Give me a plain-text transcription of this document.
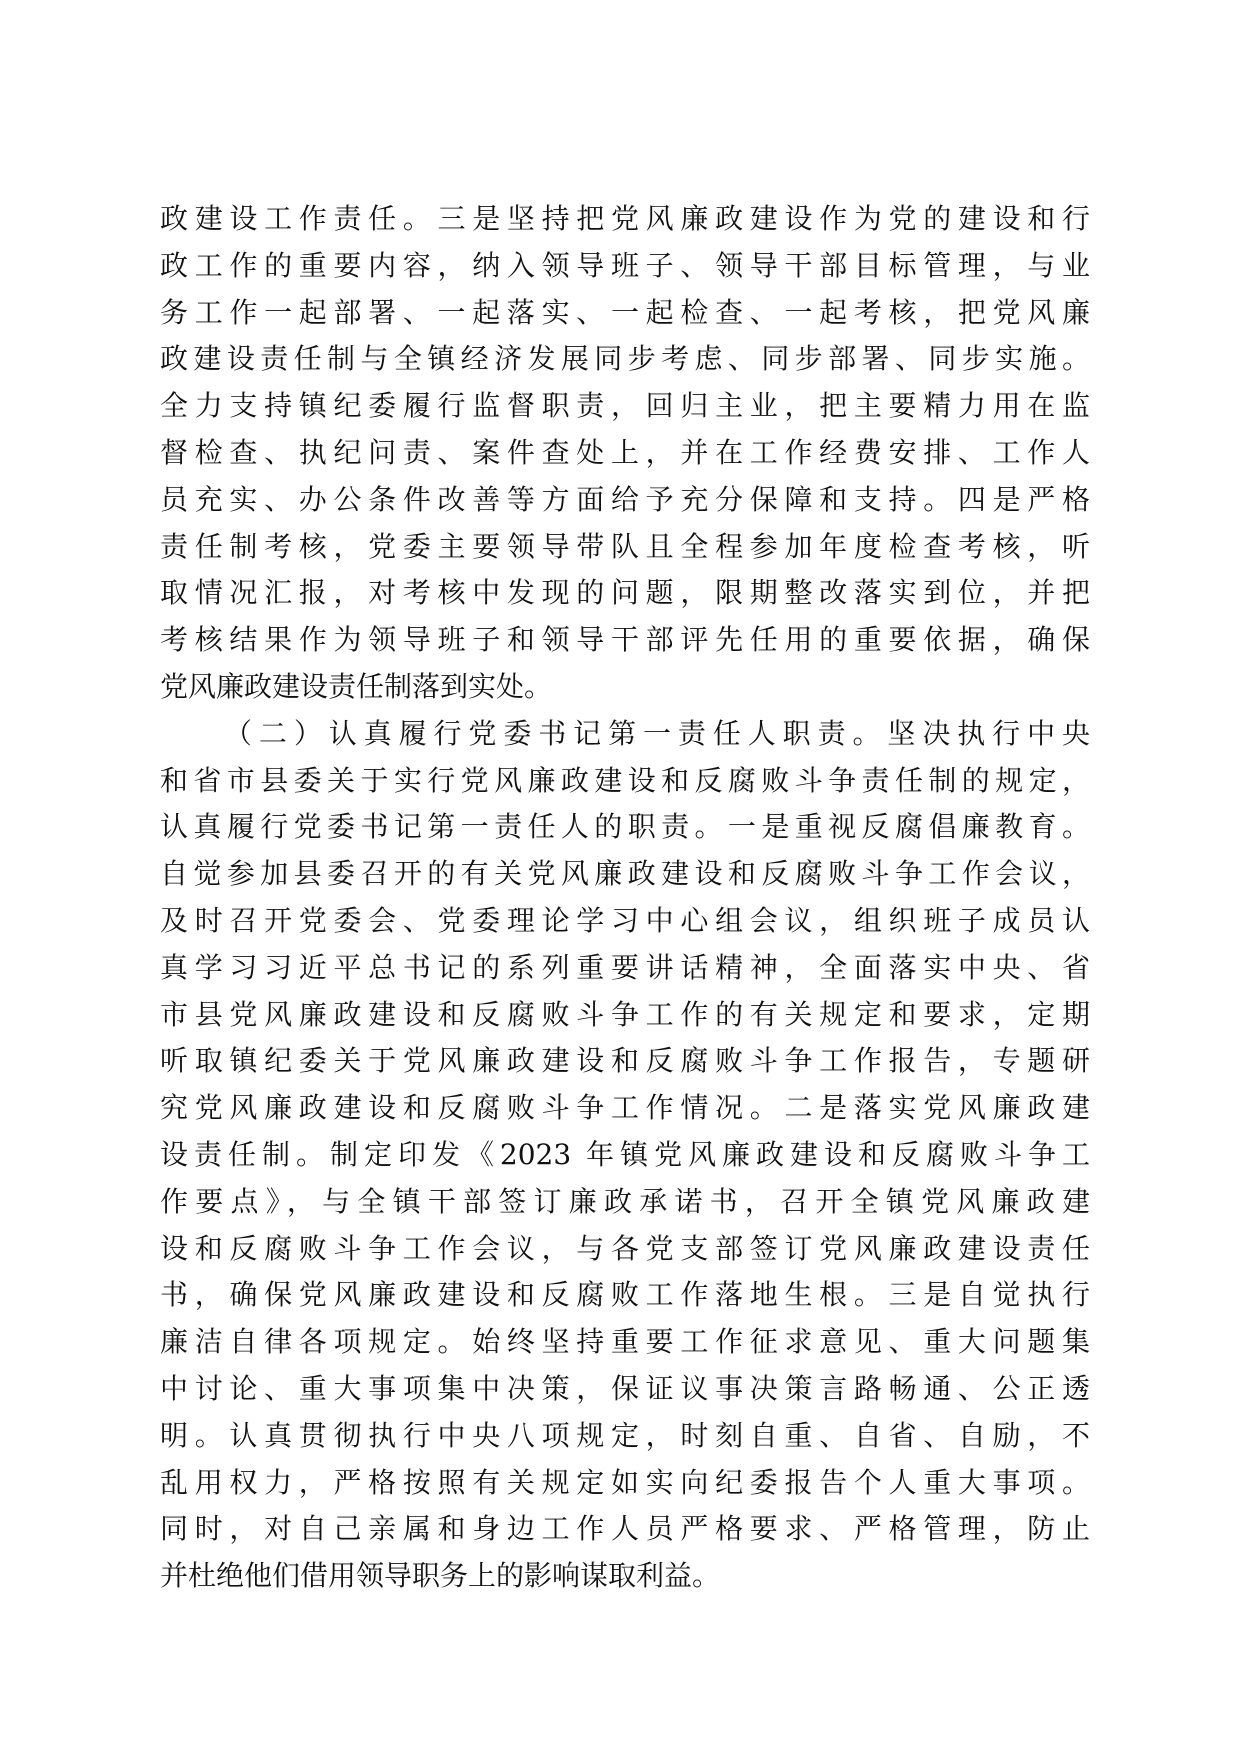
政建设工作责任。三是坚持把党风廉政建设作为党的建设和行
政工作的重要内容，纳入领导班子、领导干部目标管理，与业
务工作一起部署、一起落实、一起检查、一起考核，把党风廉
政建设责任制与全镇经济发展同步考虑、同步部署、同步实施。
全力支持镇纪委履行监督职责，回归主业，把主要精力用在监
督检查、执纪问责、案件查处上，并在工作经费安排、工作人
员充实、办公条件改善等方面给予充分保障和支持。四是严格
责任制考核，党委主要领导带队且全程参加年度检查考核，听
取情况汇报，对考核中发现的问题，限期整改落实到位，并把
考核结果作为领导班子和领导干部评先任用的重要依据，确保
党风廉政建设责任制落到实处。
（二）认真履行党委书记第一责任人职责。坚决执行中央
和省市县委关于实行党风廉政建设和反腐败斗争责任制的规定，
认真履行党委书记第一责任人的职责。一是重视反腐倡廉教育。
自觉参加县委召开的有关党风廉政建设和反腐败斗争工作会议，
及时召开党委会、党委理论学习中心组会议，组织班子成员认
真学习习近平总书记的系列重要讲话精神，全面落实中央、省
市县党风廉政建设和反腐败斗争工作的有关规定和要求，定期
听取镇纪委关于党风廉政建设和反腐败斗争工作报告，专题研
究党风廉政建设和反腐败斗争工作情况。二是落实党风廉政建
设责任制。制定印发《2023 年镇党风廉政建设和反腐败斗争工
作要点》，与全镇干部签订廉政承诺书，召开全镇党风廉政建
设和反腐败斗争工作会议，与各党支部签订党风廉政建设责任
书，确保党风廉政建设和反腐败工作落地生根。三是自觉执行
廉洁自律各项规定。始终坚持重要工作征求意见、重大问题集
中讨论、重大事项集中决策，保证议事决策言路畅通、公正透
明。认真贯彻执行中央八项规定，时刻自重、自省、自励，不
乱用权力，严格按照有关规定如实向纪委报告个人重大事项。
同时，对自己亲属和身边工作人员严格要求、严格管理，防止
并杜绝他们借用领导职务上的影响谋取利益。
